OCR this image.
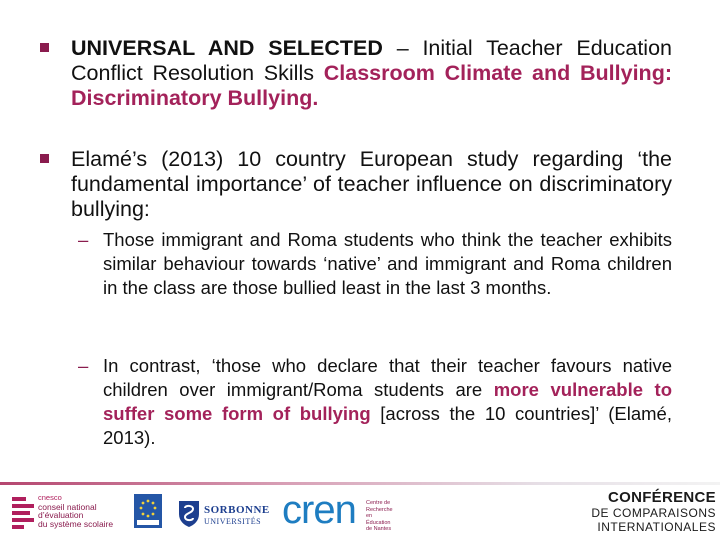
UNIVERSAL AND SELECTED – Initial Teacher Education Conflict Resolution Skills Classroom Climate and Bullying: Discriminatory Bullying.
Elamé’s (2013) 10 country European study regarding ‘the fundamental importance’ of teacher influence on discriminatory bullying:
– Those immigrant and Roma students who think the teacher exhibits similar behaviour towards ‘native’ and immigrant and Roma children in the class are those bullied least in the last 3 months.
– In contrast, ‘those who declare that their teacher favours native children over immigrant/Roma students are more vulnerable to suffer some form of bullying [across the 10 countries]’ (Elamé, 2013).
cnesco
conseil national
d’évaluation
du système scolaire
SORBONNE
UNIVERSITÉS cren Centre de Recherche en Éducation de Nantes
CONFÉRENCE
DE COMPARAISONS
INTERNATIONALES
